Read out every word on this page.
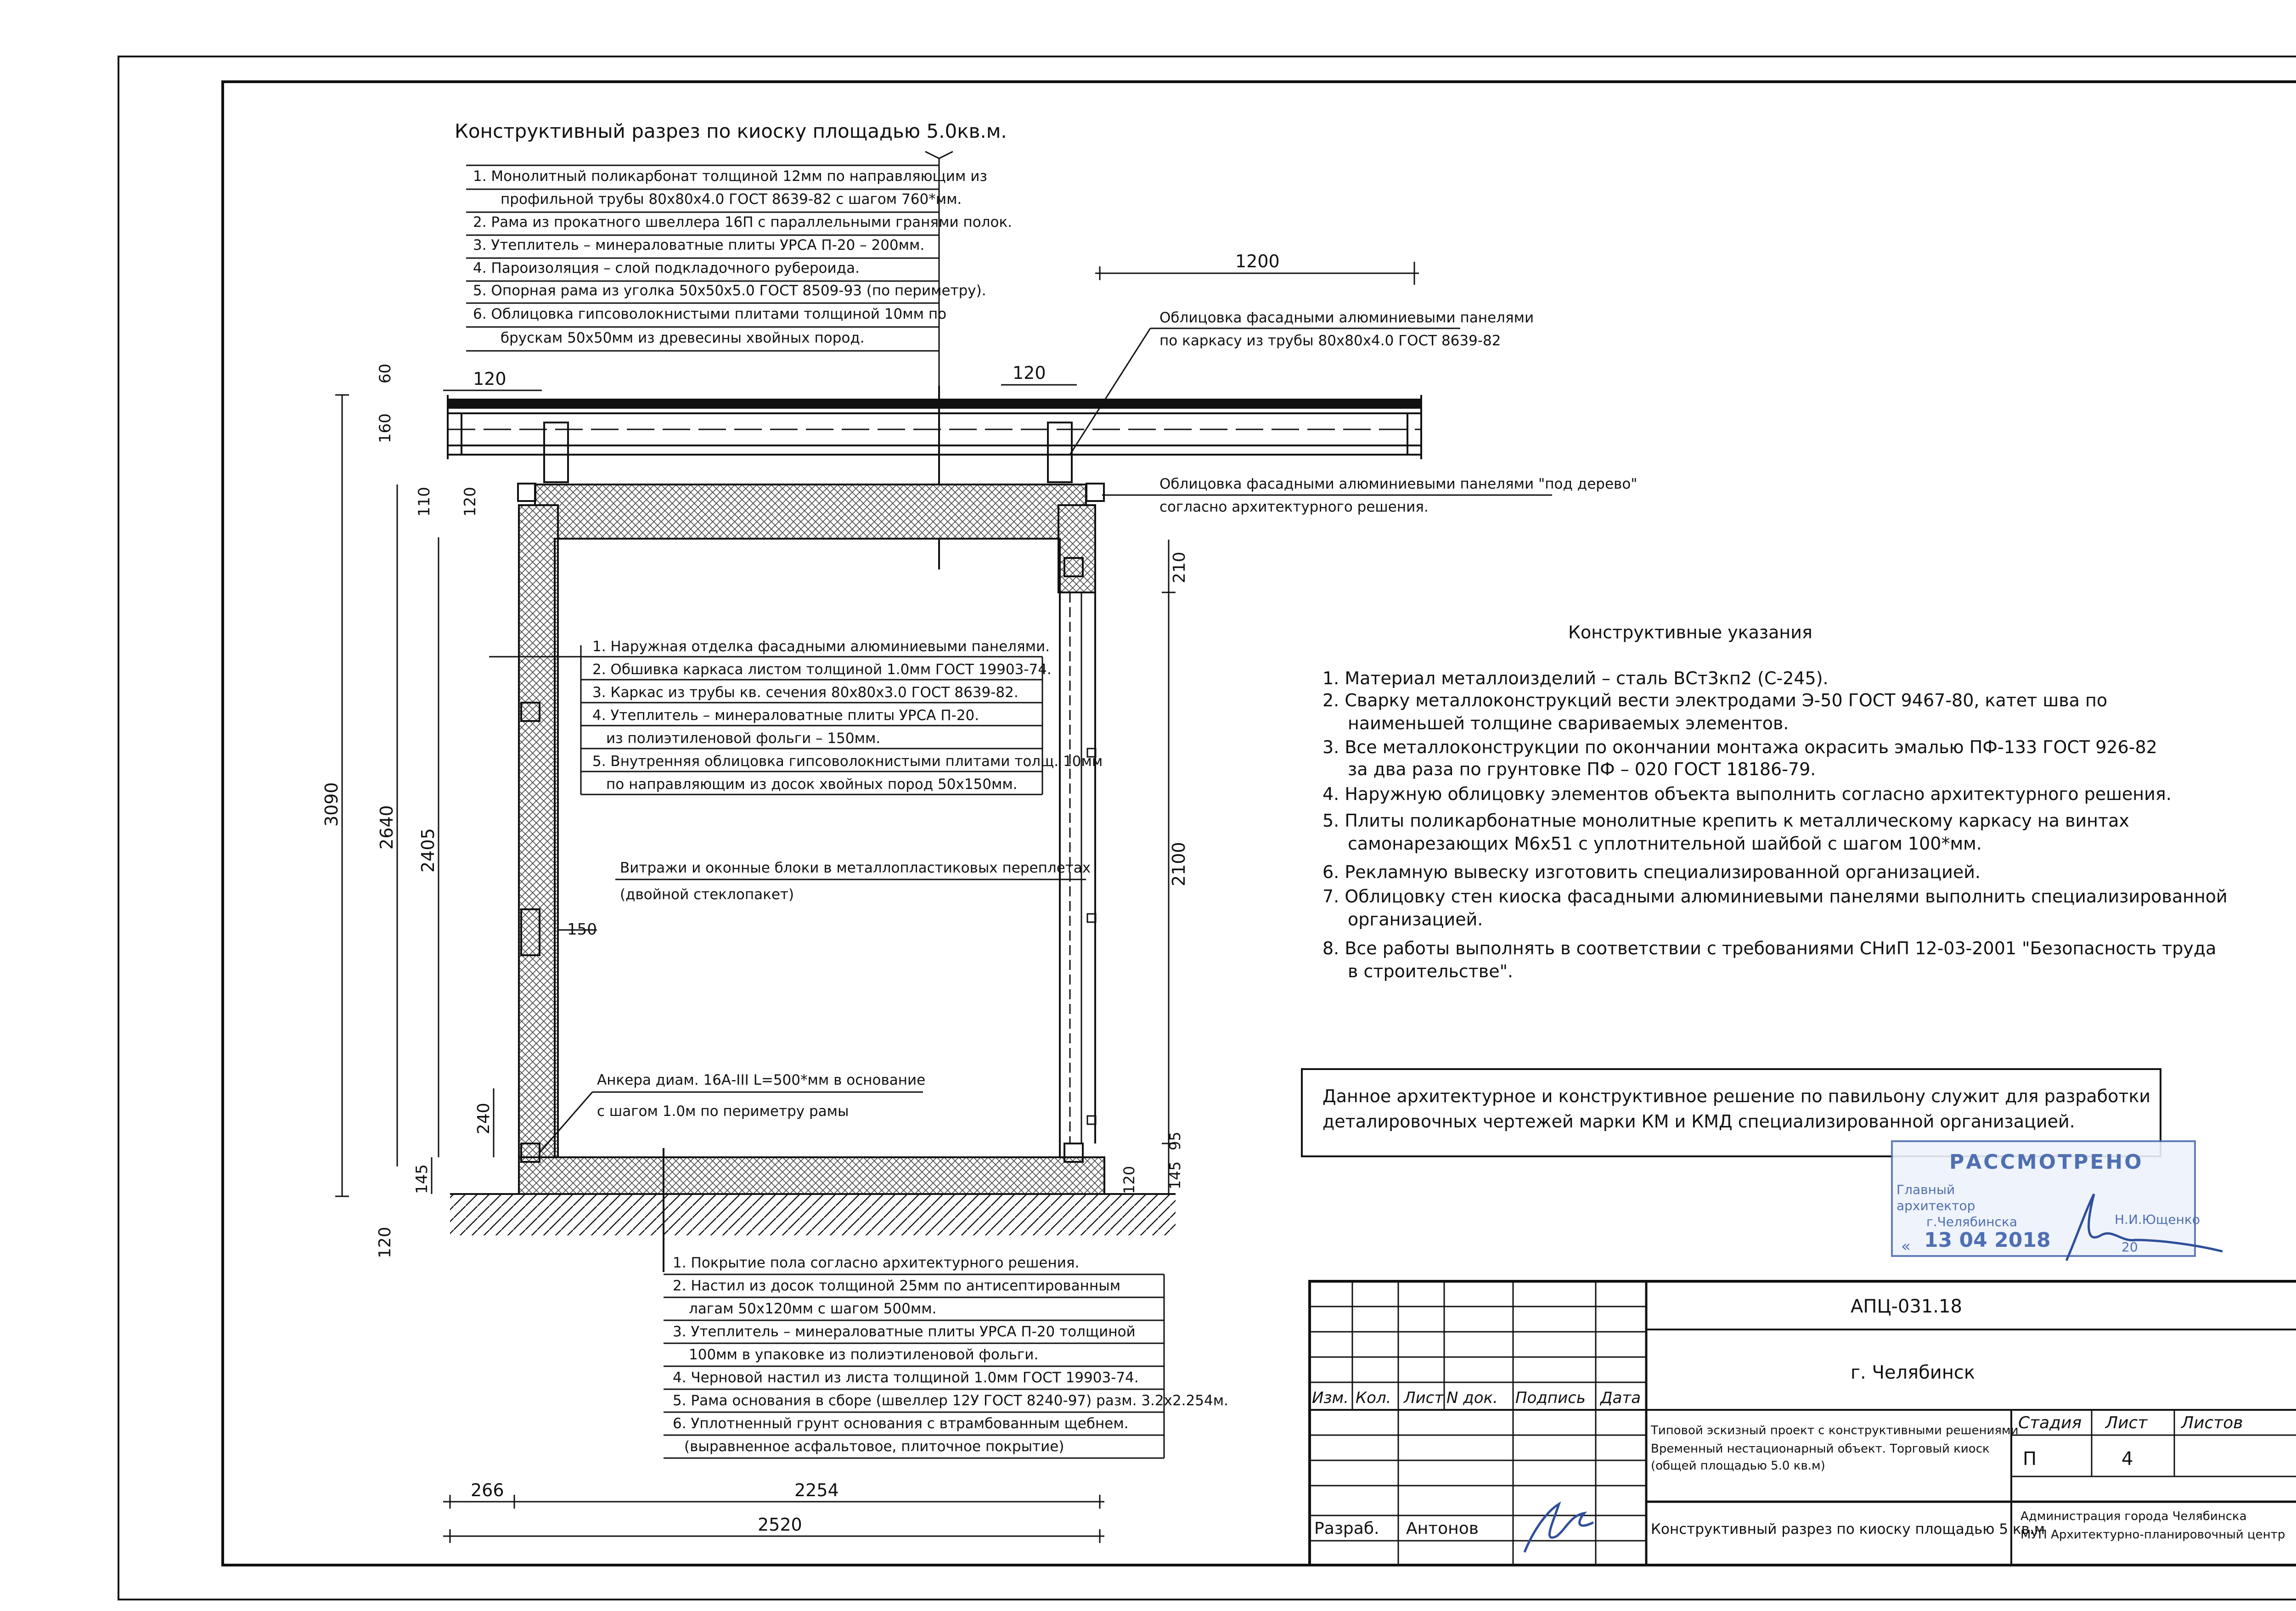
Конструктивный разрез по киоску площадью 5.0кв.м.
1. Монолитный поликарбонат толщиной 12мм по направляющим из
профильной трубы 80х80х4.0 ГОСТ 8639-82 с шагом 760*мм.
2. Рама из прокатного швеллера 16П с параллельными гранями полок.
3. Утеплитель – минераловатные плиты УРСА П-20 – 200мм.
4. Пароизоляция – слой подкладочного рубероида.
5. Опорная рама из уголка 50х50х5.0 ГОСТ 8509-93 (по периметру).
6. Облицовка гипсоволокнистыми плитами толщиной 10мм по
брускам 50х50мм из древесины хвойных пород.
1. Наружная отделка фасадными алюминиевыми панелями.
2. Обшивка каркаса листом толщиной 1.0мм ГОСТ 19903-74.
3. Каркас из трубы кв. сечения 80х80х3.0 ГОСТ 8639-82.
4. Утеплитель – минераловатные плиты УРСА П-20.
из полиэтиленовой фольги – 150мм.
5. Внутренняя облицовка гипсоволокнистыми плитами толщ. 10мм
по направляющим из досок хвойных пород 50х150мм.
Облицовка фасадными алюминиевыми панелями
по каркасу из трубы 80х80х4.0 ГОСТ 8639-82
Облицовка фасадными алюминиевыми панелями "под дерево"
согласно архитектурного решения.
Витражи и оконные блоки в металлопластиковых переплетах
(двойной стеклопакет)
Анкера диам. 16А-III L=500*мм в основание
с шагом 1.0м по периметру рамы
1200
120	120
3090
2640
2405
240
145
120
160
60
110 120
150
210
2100
120 145
95
266	2254
2520
1. Покрытие пола согласно архитектурного решения.
2. Настил из досок толщиной 25мм по антисептированным
лагам 50х120мм с шагом 500мм.
3. Утеплитель – минераловатные плиты УРСА П-20 толщиной
100мм в упаковке из полиэтиленовой фольги.
4. Черновой настил из листа толщиной 1.0мм ГОСТ 19903-74.
5. Рама основания в сборе (швеллер 12У ГОСТ 8240-97) разм. 3.2х2.254м.
6. Уплотненный грунт основания с втрамбованным щебнем.
(выравненное асфальтовое, плиточное покрытие)
Конструктивные указания
1. Материал металлоизделий – сталь ВСт3кп2 (С-245).
2. Сварку металлоконструкций вести электродами Э-50 ГОСТ 9467-80, катет шва по
наименьшей толщине свариваемых элементов.
3. Все металлоконструкции по окончании монтажа окрасить эмалью ПФ-133 ГОСТ 926-82
за два раза по грунтовке ПФ – 020 ГОСТ 18186-79.
4. Наружную облицовку элементов объекта выполнить согласно архитектурного решения.
5. Плиты поликарбонатные монолитные крепить к металлическому каркасу на винтах
самонарезающих М6х51 с уплотнительной шайбой с шагом 100*мм.
6. Рекламную вывеску изготовить специализированной организацией.
7. Облицовку стен киоска фасадными алюминиевыми панелями выполнить специализированной
организацией.
8. Все работы выполнять в соответствии с требованиями СНиП 12-03-2001 "Безопасность труда
в строительстве".
Данное архитектурное и конструктивное решение по павильону служит для разработки
деталировочных чертежей марки КМ и КМД специализированной организацией.
РАССМОТРЕНО
Главный
архитектор
г.Челябинска	Н.И.Ющенко
« 13 04 2018	20
Изм. Кол. Лист N док. Подпись Дата
АПЦ-031.18
г. Челябинск
Типовой эскизный проект с конструктивными решениями
Временный нестационарный объект. Торговый киоск
(общей площадью 5.0 кв.м)
Стадия Лист Листов
П	4
Разраб. Антонов	Конструктивный разрез по киоску площадью 5 кв.м
Администрация города Челябинска
МУП Архитектурно-планировочный центр
